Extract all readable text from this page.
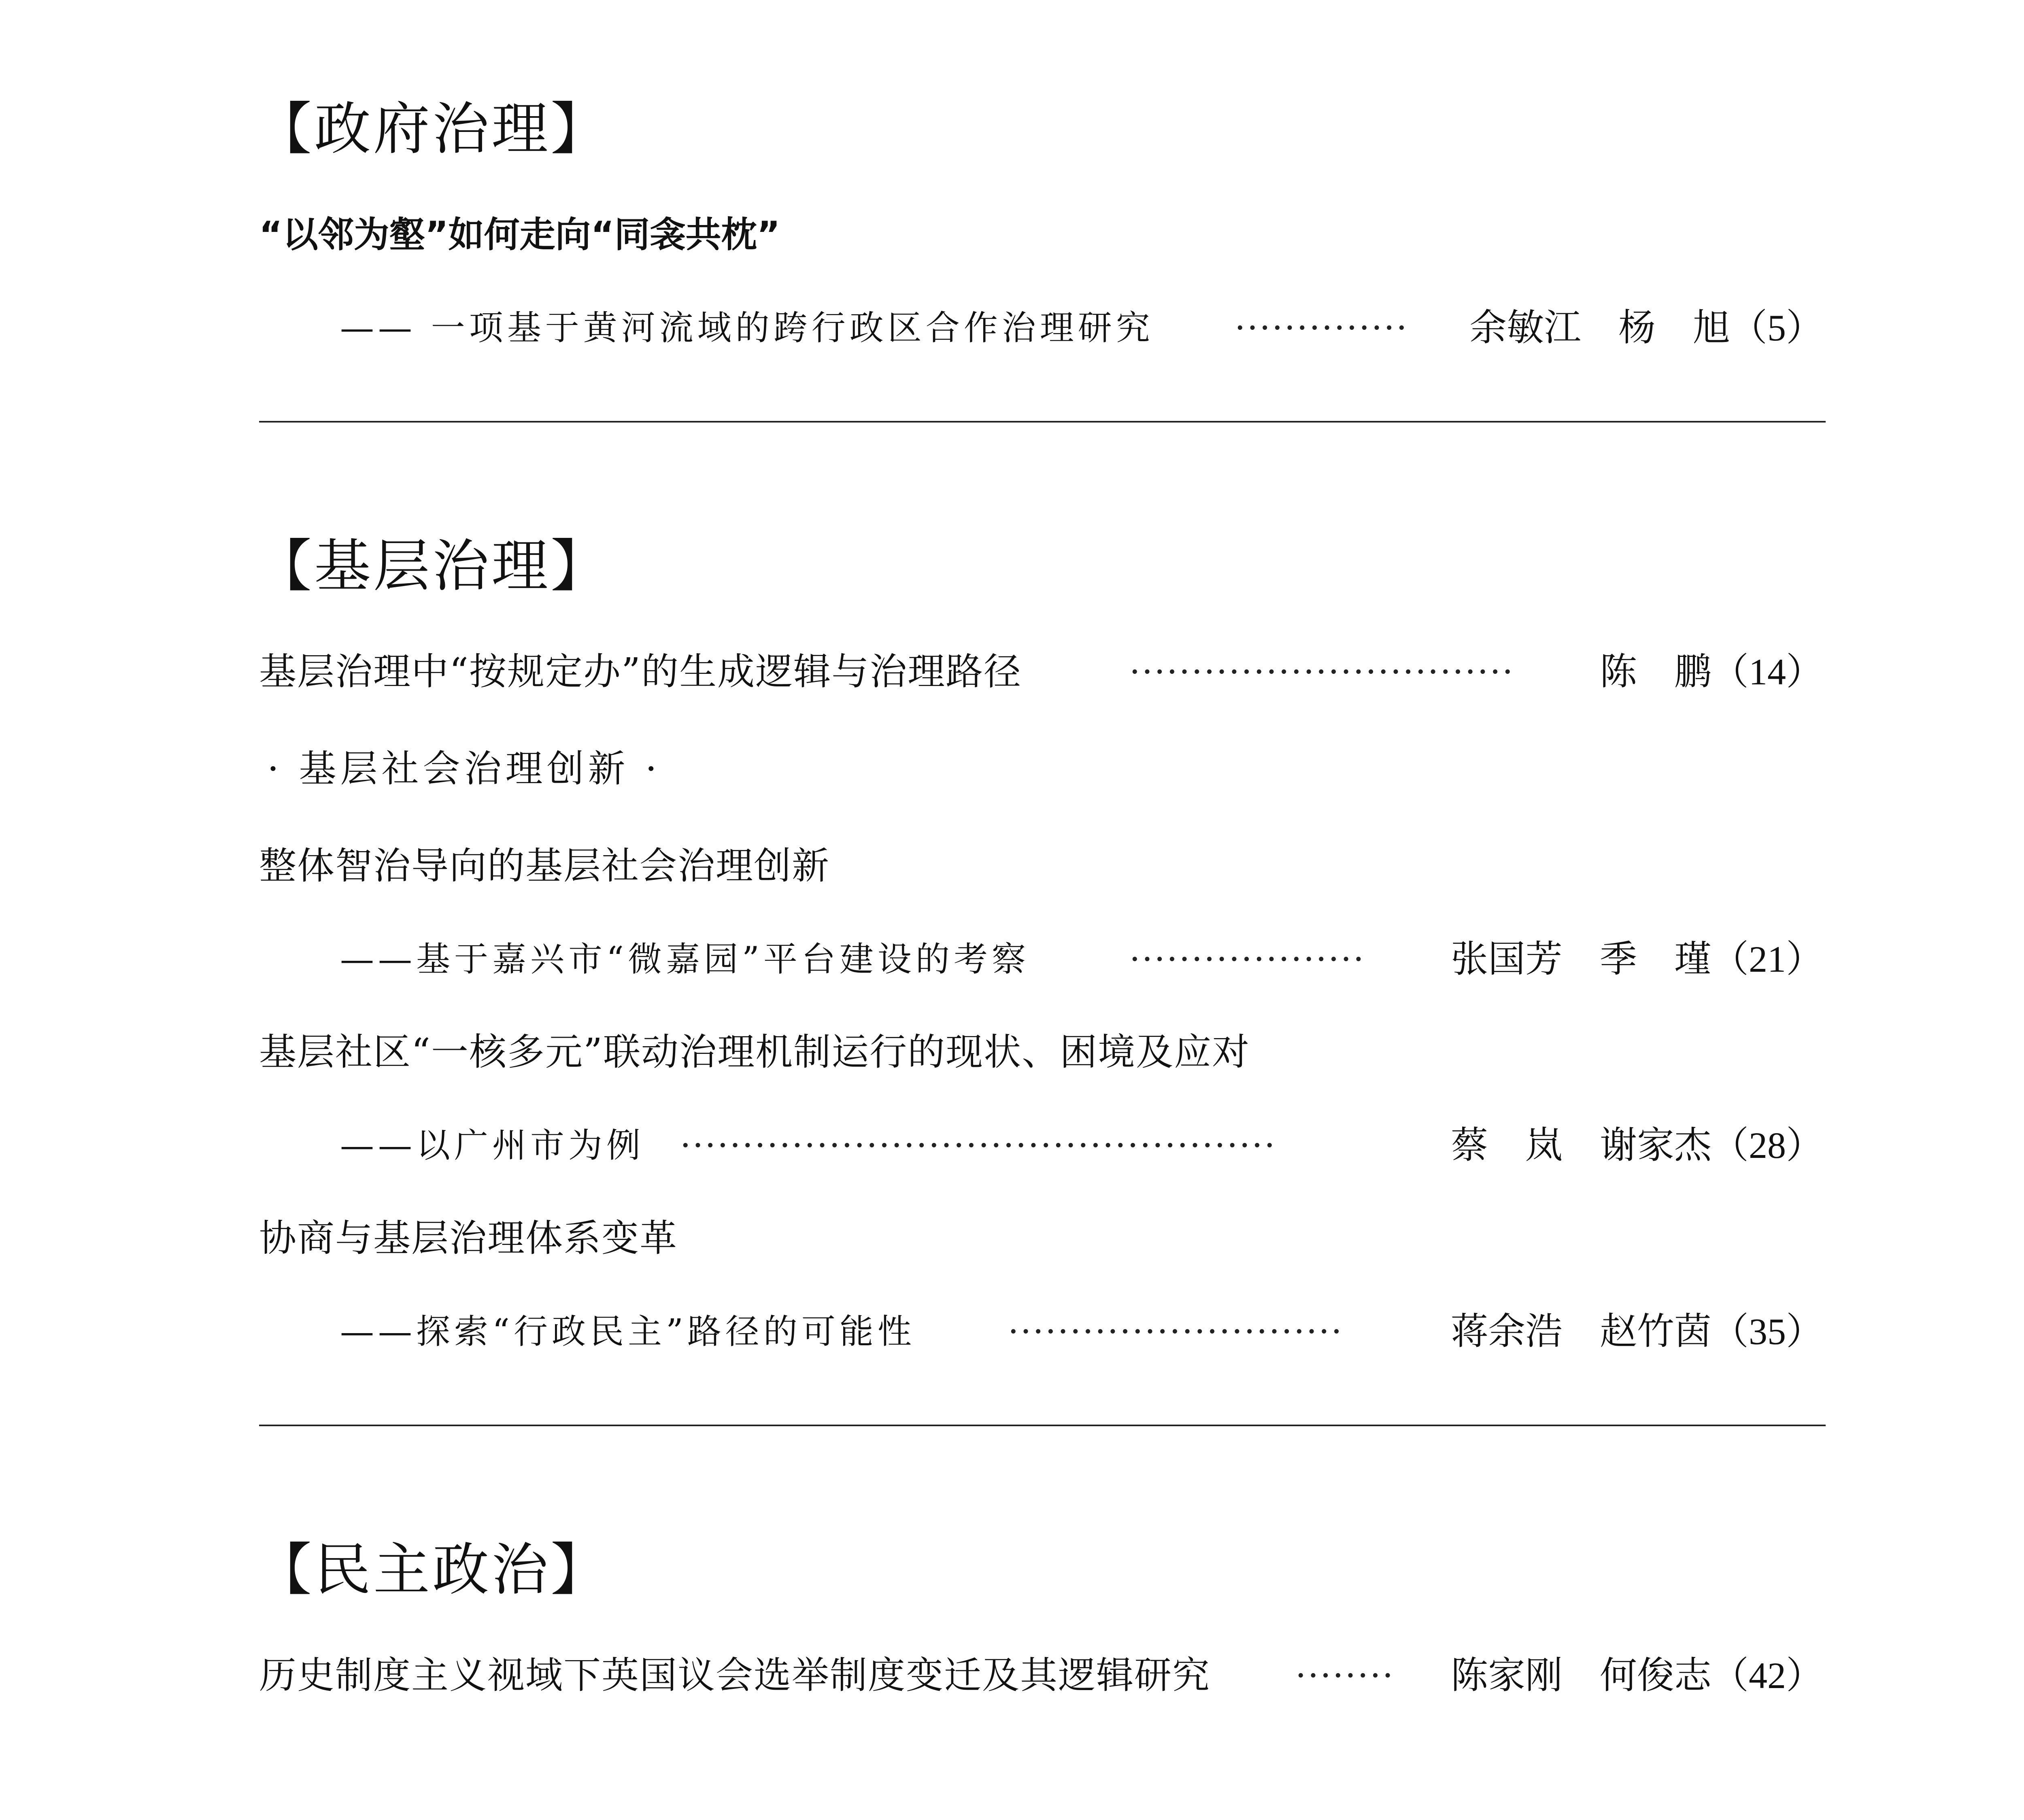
【政府治理】
“以邻为壑”如何走向“同衾共枕”
—— 一项基于黄河流域的跨行政区合作治理研究 ·············· 余敏江　杨　旭（5）
【基层治理】
基层治理中“按规定办”的生成逻辑与治理路径	······························· 陈　鹏（14）
· 基层社会治理创新 ·
整体智治导向的基层社会治理创新
——基于嘉兴市“微嘉园”平台建设的考察	··················· 张国芳　季　瑾（21）
基层社区“一核多元”联动治理机制运行的现状、困境及应对
——以广州市为例 ················································	蔡　岚　谢家杰（28）
协商与基层治理体系变革
——探索“行政民主”路径的可能性	···························	蒋余浩　赵竹茵（35）
【民主政治】
历史制度主义视域下英国议会选举制度变迁及其逻辑研究 ········ 陈家刚　何俊志（42）
